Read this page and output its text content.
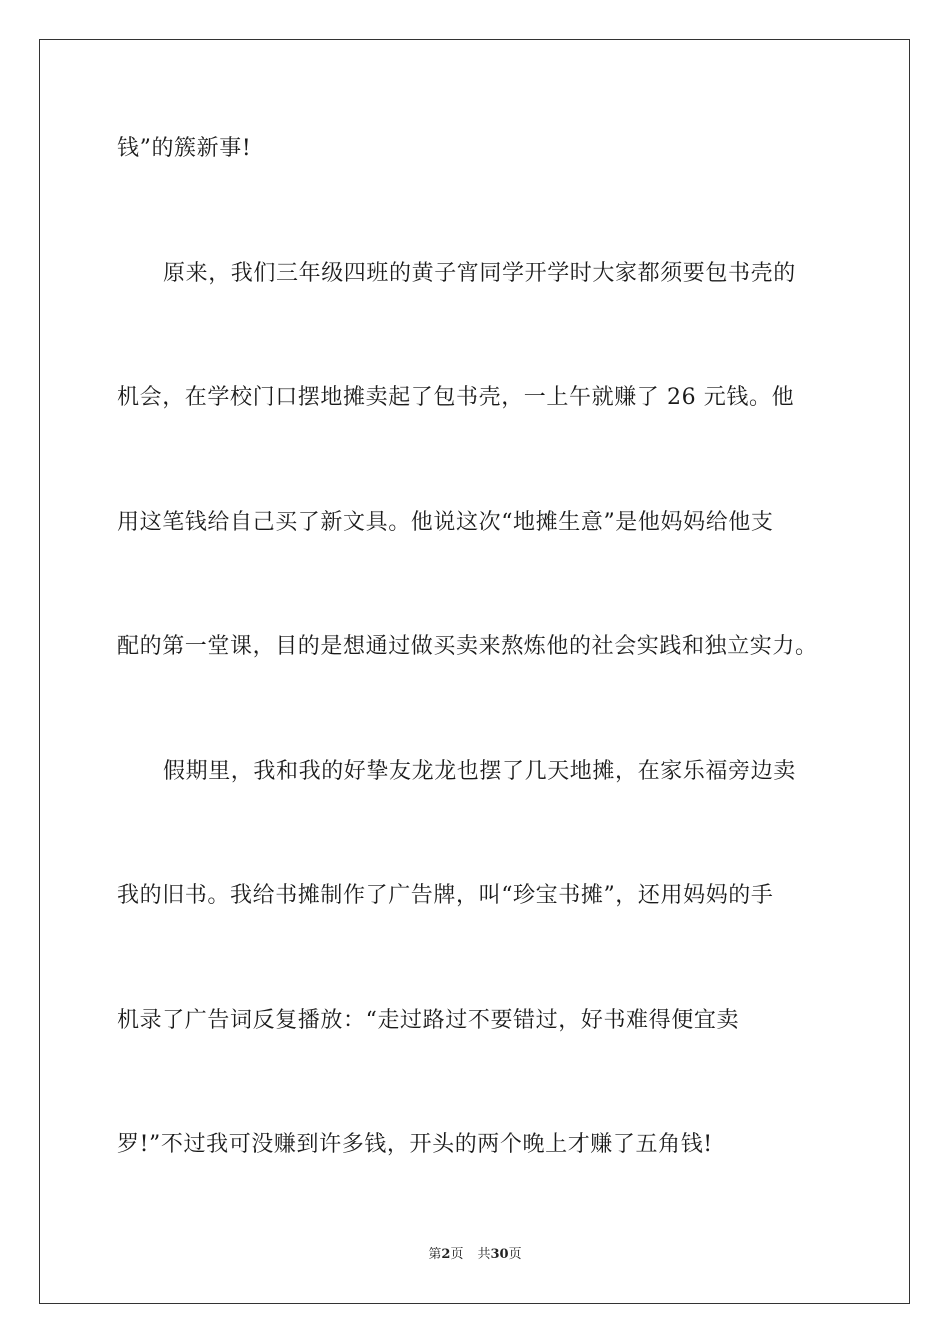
钱”的簇新事!
原来，我们三年级四班的黄子宵同学开学时大家都须要包书壳的
机会，在学校门口摆地摊卖起了包书壳，一上午就赚了 26 元钱。他
用这笔钱给自己买了新文具。他说这次“地摊生意”是他妈妈给他支
配的第一堂课，目的是想通过做买卖来熬炼他的社会实践和独立实力。
假期里，我和我的好挚友龙龙也摆了几天地摊，在家乐福旁边卖
我的旧书。我给书摊制作了广告牌，叫“珍宝书摊”，还用妈妈的手
机录了广告词反复播放：“走过路过不要错过，好书难得便宜卖
罗!”不过我可没赚到许多钱，开头的两个晚上才赚了五角钱!
第2页 共30页
